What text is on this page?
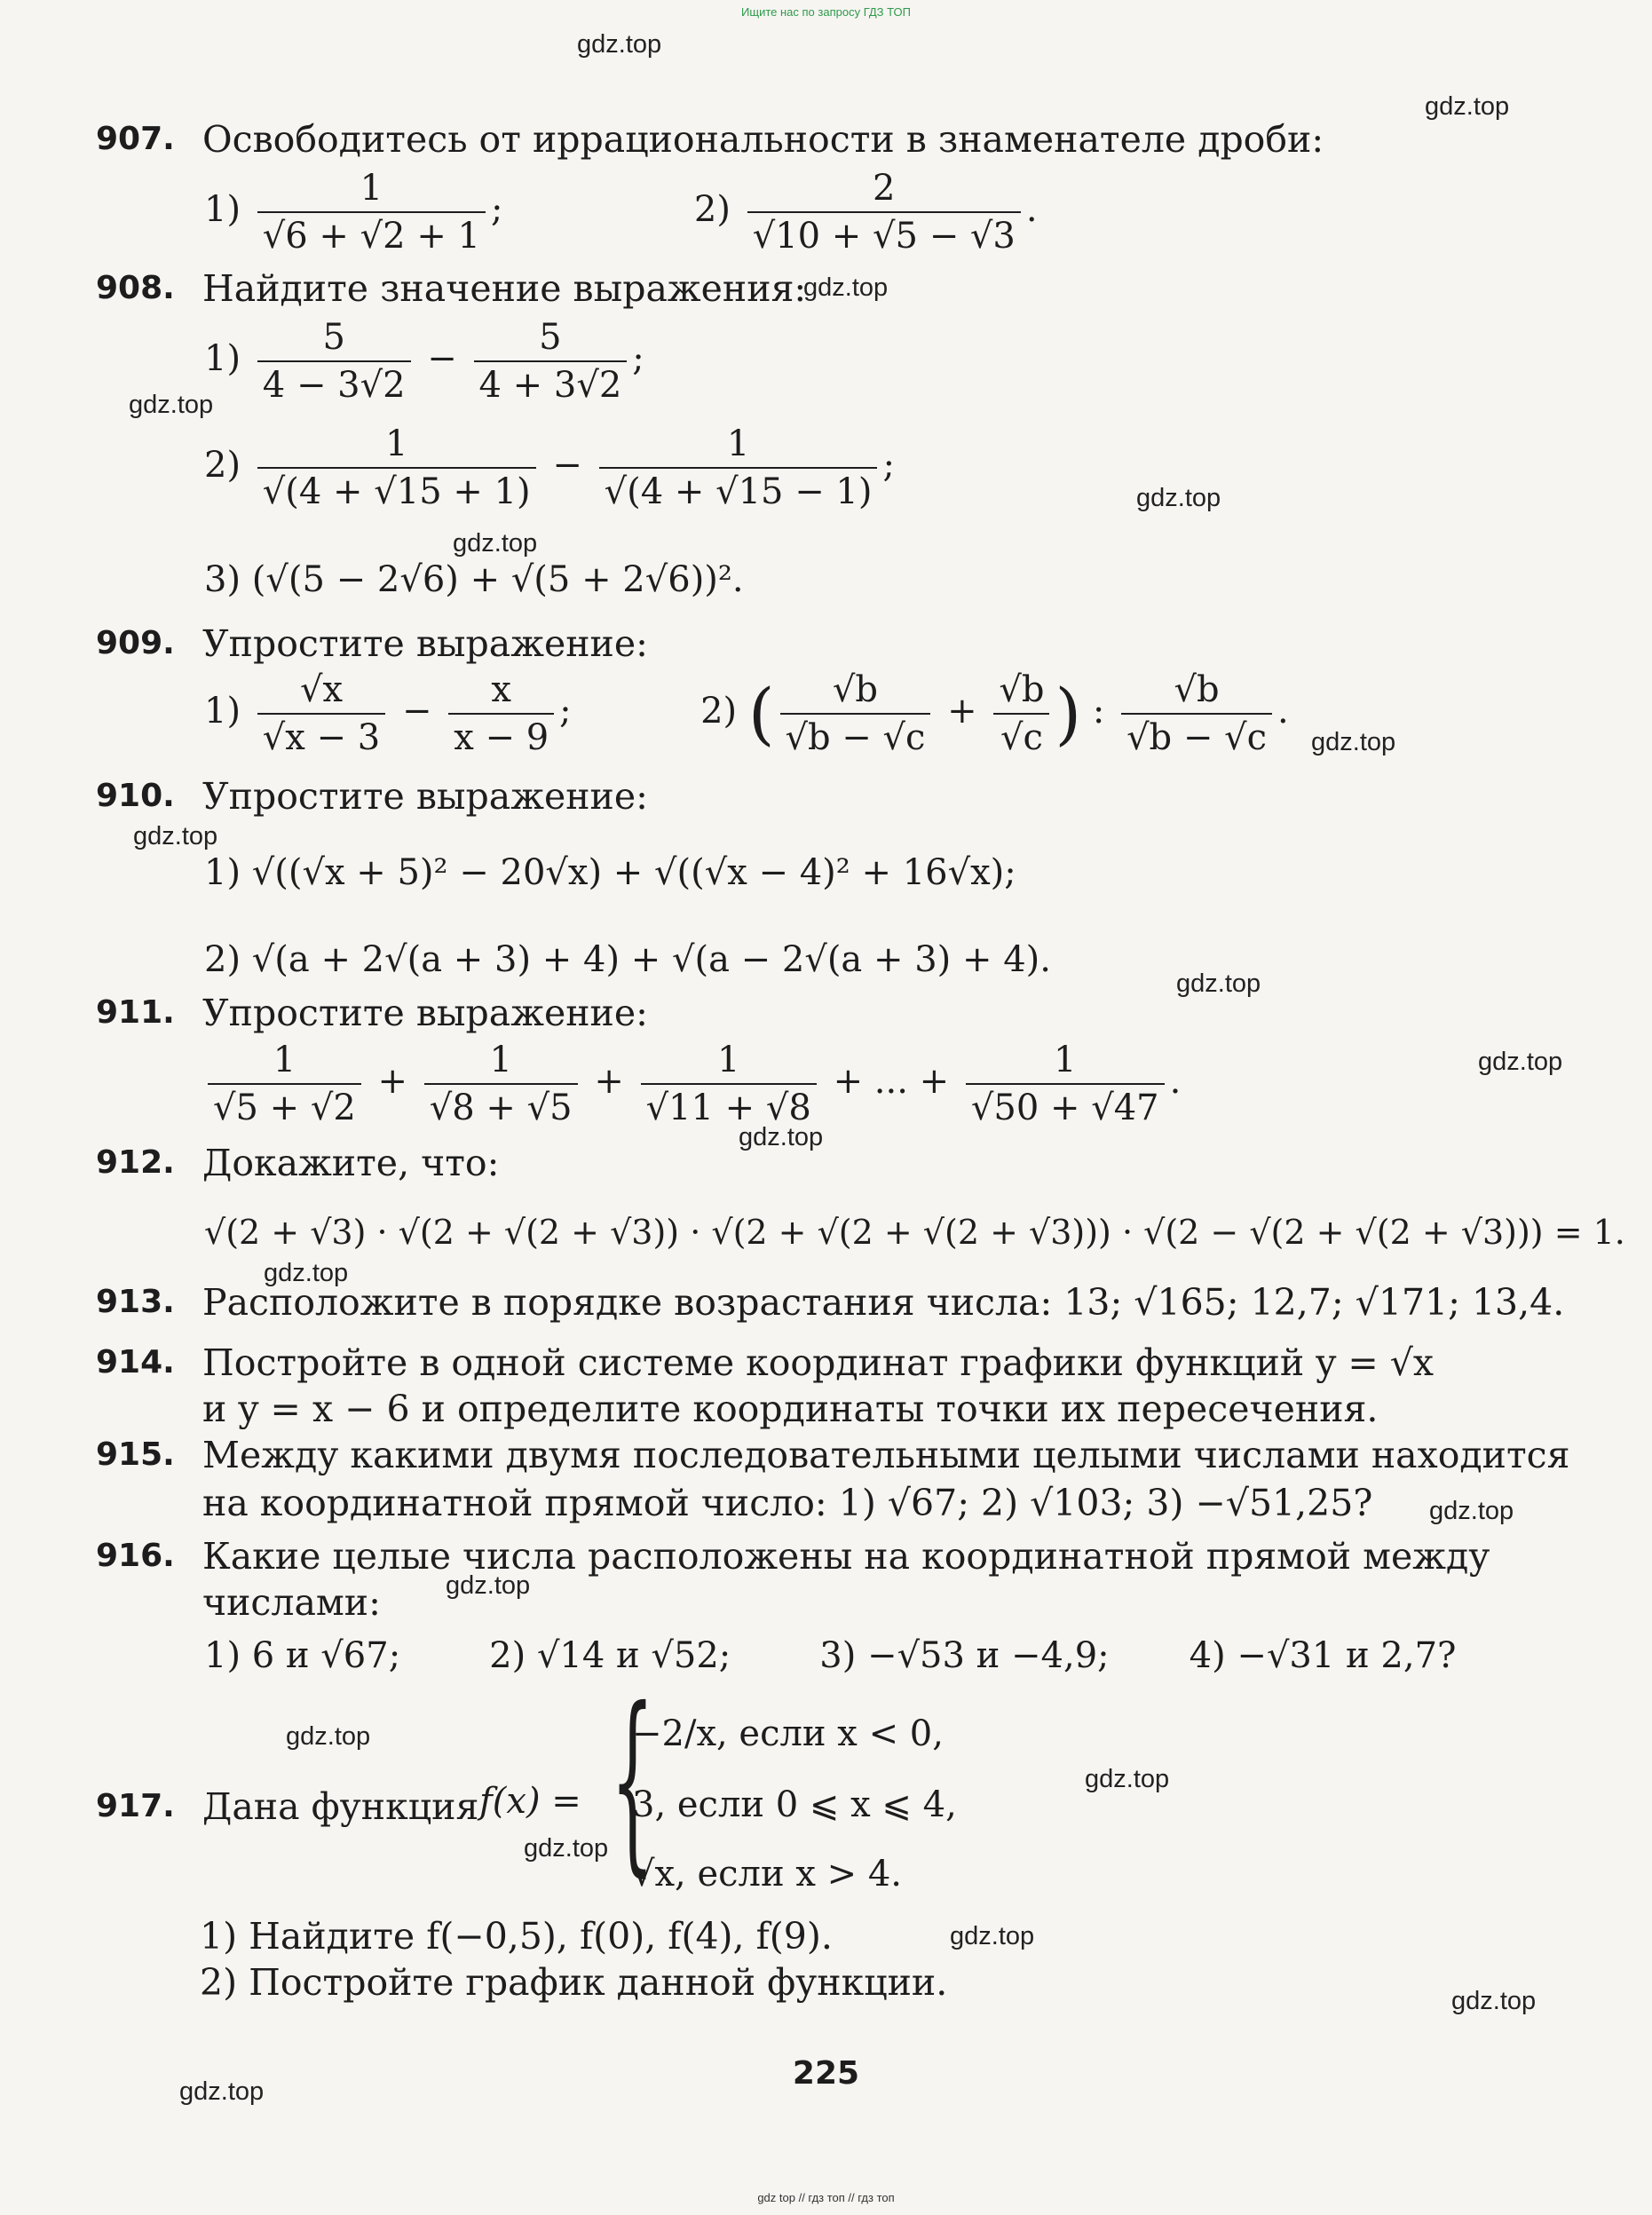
Ищите нас по запросу ГДЗ ТОП
gdz.top
gdz.top
gdz.top
gdz.top
gdz.top
gdz.top
gdz.top
gdz.top
gdz.top
gdz.top
gdz.top
gdz.top
gdz.top
gdz.top
gdz.top
gdz.top
gdz.top
gdz.top
gdz.top
gdz.top
907. Освободитесь от иррациональности в знаменателе дроби:
$1) \frac{1}{√6 + √2 + 1}$ ;	$2) \frac{2}{√10 + √5 - √3}$ .
908. Найдите значение выражения:
$1) \frac{5}{4 - 3√2} - \frac{5}{4 + 3√2}$ ;
$2) \frac{1}{√(4 + √15 + 1)} - \frac{1}{√(4 + √15 - 1)}$ ;
3) (√(5 − 2√6) + √(5 + 2√6))².
909. Упростите выражение:
$1) \frac{√x}{√x - 3} - \frac{x}{x - 9}$ ;	2) ( $\frac{√b}{√b - √c} + \frac{√b}{√c}$ ) : $\frac{√b}{√b - √c}$ .
910. Упростите выражение:
1) √((√x + 5)² − 20√x) + √((√x − 4)² + 16√x);
2) √(a + 2√(a + 3) + 4) + √(a − 2√(a + 3) + 4).
911. Упростите выражение:
$\frac{1}{√5 + √2} + \frac{1}{√8 + √5} + \frac{1}{√11 + √8}$ + ... + $\frac{1}{√50 + √47}$ .
912. Докажите, что:
√(2 + √3) · √(2 + √(2 + √3)) · √(2 + √(2 + √(2 + √3))) · √(2 − √(2 + √(2 + √3))) = 1.
913. Расположите в порядке возрастания числа: 13; √165; 12,7; √171; 13,4.
914. Постройте в одной системе координат графики функций y = √x
и y = x − 6 и определите координаты точки их пересечения.
915. Между какими двумя последовательными целыми числами находится
на координатной прямой число: 1) √67; 2) √103; 3) −√51,25?
916. Какие целые числа расположены на координатной прямой между
числами:
1) 6 и √67;	2) √14 и √52;	3) −√53 и −4,9; 4) −√31 и 2,7?
917. Дана функция f(x) = {
−2/x, если x < 0,
3, если 0 ⩽ x ⩽ 4,
√x, если x > 4.
1) Найдите f(−0,5), f(0), f(4), f(9).
2) Постройте график данной функции.
225
gdz top // гдз топ // гдз топ
